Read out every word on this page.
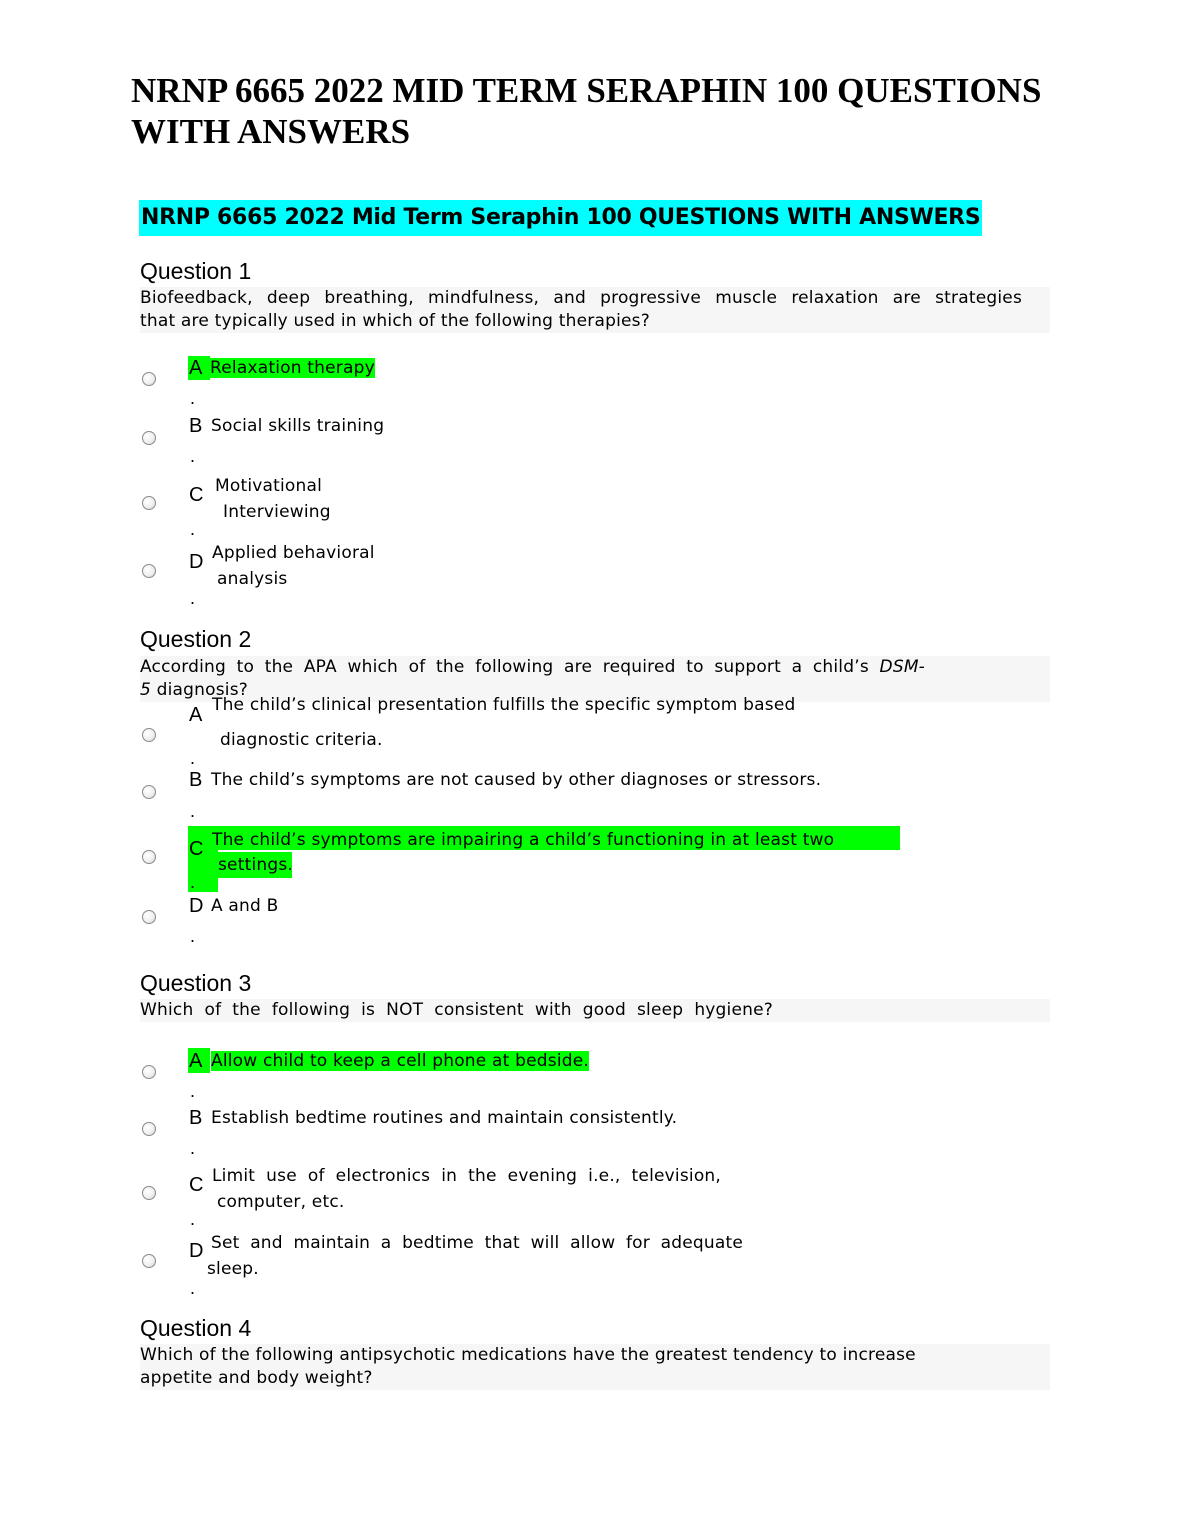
NRNP 6665 2022 MID TERM SERAPHIN 100 QUESTIONS
WITH ANSWERS
NRNP 6665 2022 Mid Term Seraphin 100 QUESTIONS WITH ANSWERS
Question 1
Biofeedback, deep breathing, mindfulness, and progressive muscle relaxation are strategies
that are typically used in which of the following therapies?
A Relaxation therapy
.
B Social skills training
.
C Motivational
Interviewing
.
D Applied behavioral
analysis
.
Question 2
According to the APA which of the following are required to support a child’s DSM-
5 diagnosis?
A The child’s clinical presentation fulfills the specific symptom based
diagnostic criteria.
.
B The child’s symptoms are not caused by other diagnoses or stressors.
.
C The child’s symptoms are impairing a child’s functioning in at least two
settings.
.
D A and B
.
Question 3
Which of the following is NOT consistent with good sleep hygiene?
A Allow child to keep a cell phone at bedside.
.
B Establish bedtime routines and maintain consistently.
.
C Limit use of electronics in the evening i.e., television,
computer, etc.
.
D Set and maintain a bedtime that will allow for adequate
sleep.
.
Question 4
Which of the following antipsychotic medications have the greatest tendency to increase
appetite and body weight?
